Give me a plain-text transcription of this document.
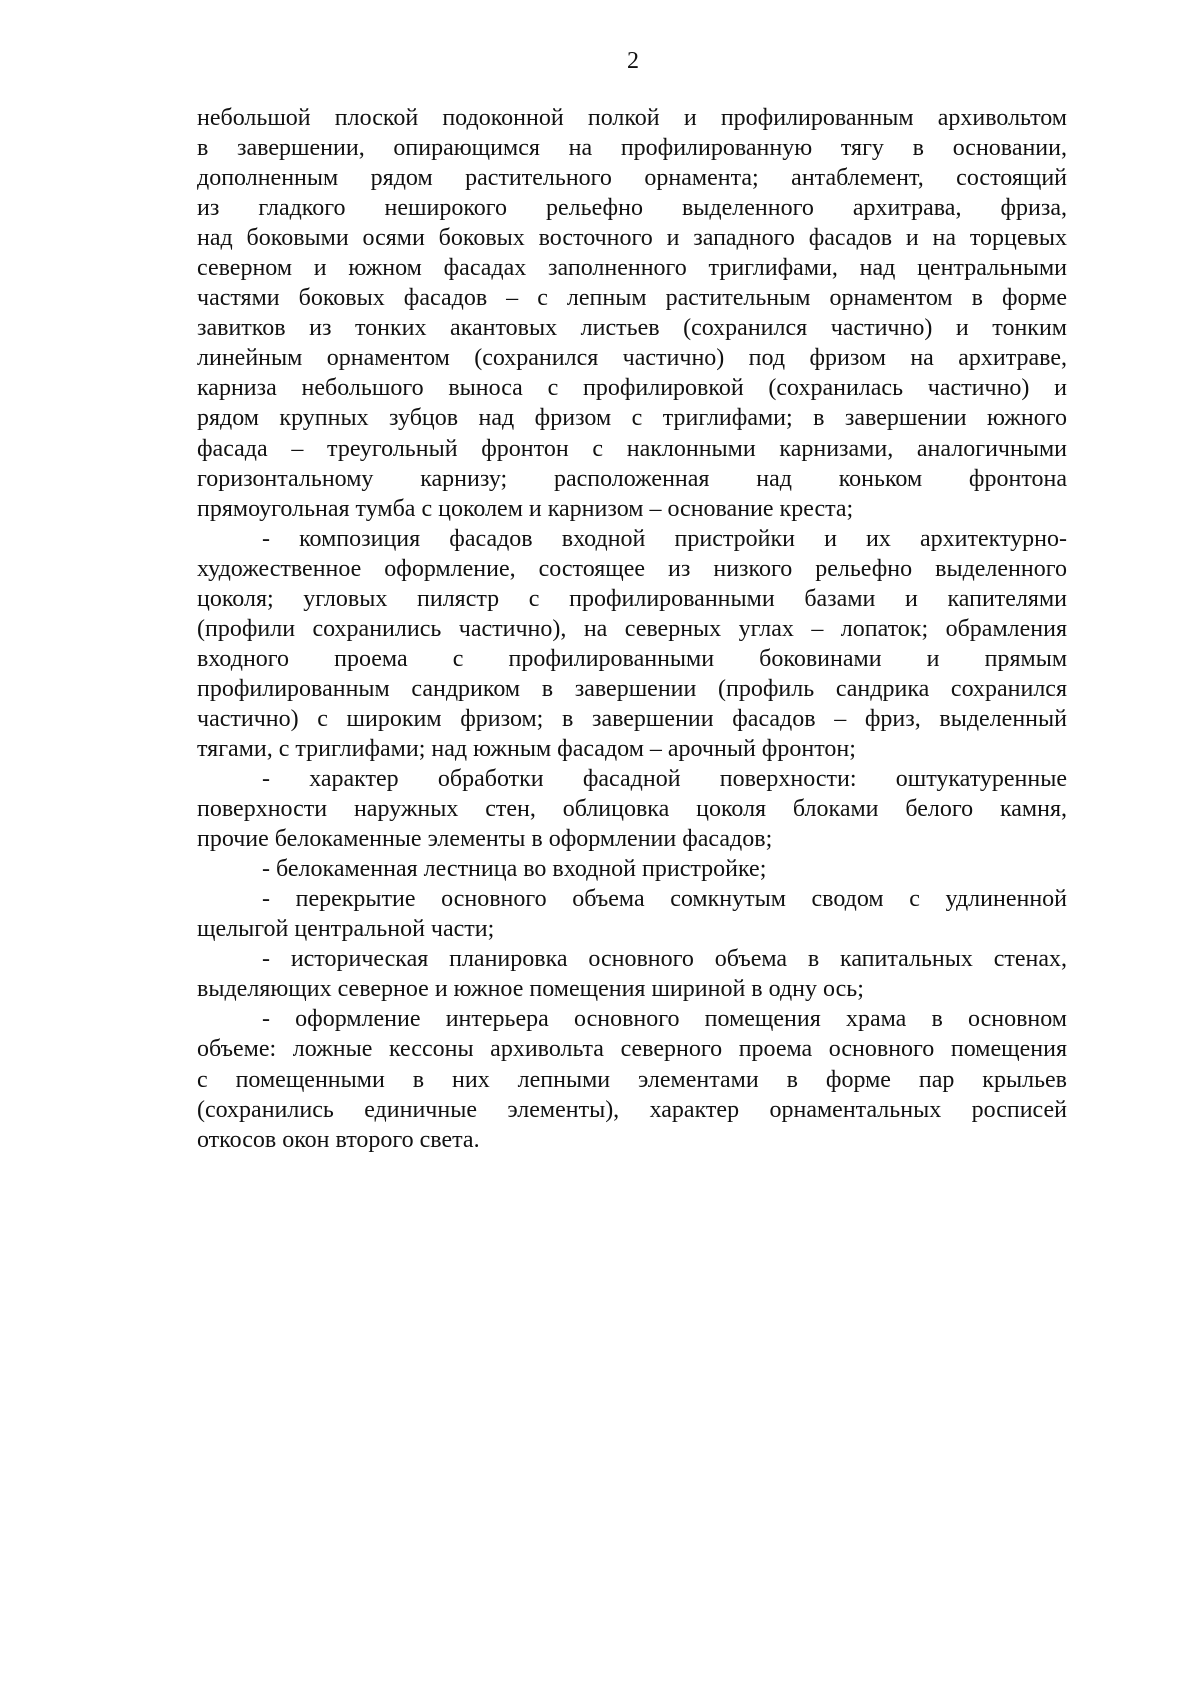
2
небольшой плоской подоконной полкой и профилированным архивольтом
в завершении, опирающимся на профилированную тягу в основании,
дополненным рядом растительного орнамента; антаблемент, состоящий
из гладкого неширокого рельефно выделенного архитрава, фриза,
над боковыми осями боковых восточного и западного фасадов и на торцевых
северном и южном фасадах заполненного триглифами, над центральными
частями боковых фасадов – с лепным растительным орнаментом в форме
завитков из тонких акантовых листьев (сохранился частично) и тонким
линейным орнаментом (сохранился частично) под фризом на архитраве,
карниза небольшого выноса с профилировкой (сохранилась частично) и
рядом крупных зубцов над фризом с триглифами; в завершении южного
фасада – треугольный фронтон с наклонными карнизами, аналогичными
горизонтальному карнизу; расположенная над коньком фронтона
прямоугольная тумба с цоколем и карнизом – основание креста;
- композиция фасадов входной пристройки и их архитектурно-
художественное оформление, состоящее из низкого рельефно выделенного
цоколя; угловых пилястр с профилированными базами и капителями
(профили сохранились частично), на северных углах – лопаток; обрамления
входного проема с профилированными боковинами и прямым
профилированным сандриком в завершении (профиль сандрика сохранился
частично) с широким фризом; в завершении фасадов – фриз, выделенный
тягами, с триглифами; над южным фасадом – арочный фронтон;
- характер обработки фасадной поверхности: оштукатуренные
поверхности наружных стен, облицовка цоколя блоками белого камня,
прочие белокаменные элементы в оформлении фасадов;
- белокаменная лестница во входной пристройке;
- перекрытие основного объема сомкнутым сводом с удлиненной
щелыгой центральной части;
- историческая планировка основного объема в капитальных стенах,
выделяющих северное и южное помещения шириной в одну ось;
- оформление интерьера основного помещения храма в основном
объеме: ложные кессоны архивольта северного проема основного помещения
с помещенными в них лепными элементами в форме пар крыльев
(сохранились единичные элементы), характер орнаментальных росписей
откосов окон второго света.
